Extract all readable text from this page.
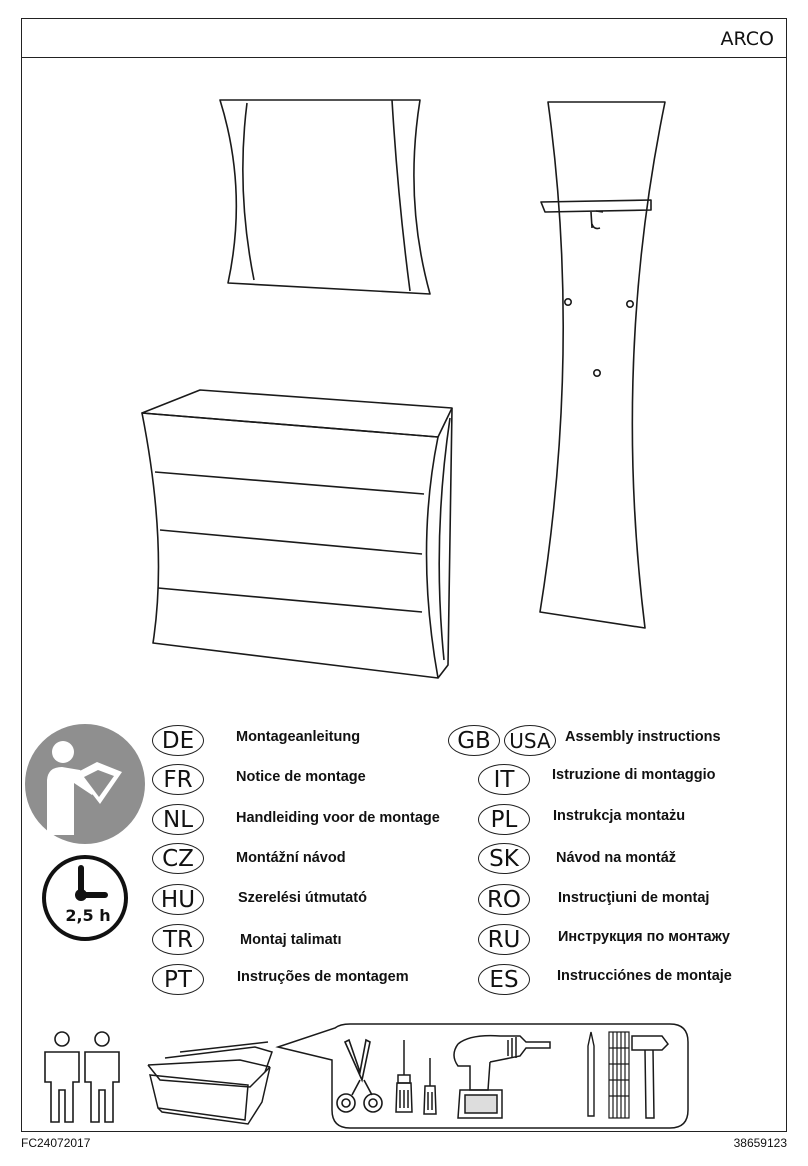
ARCO
DE	Montageanleitung
FR	Notice de montage
NL	Handleiding voor de montage
CZ	Montážní návod
HU	Szerelési útmutató
TR	Montaj talimatı
PT	Instruções de montagem
GB USA Assembly instructions
IT	Istruzione di montaggio
PL	Instrukcja montażu
SK	Návod na montáž
RO	Instrucţiuni de montaj
RU	Инструкция по монтажу
ES	Instrucciónes de montaje
2,5 h
FC24072017	38659123
